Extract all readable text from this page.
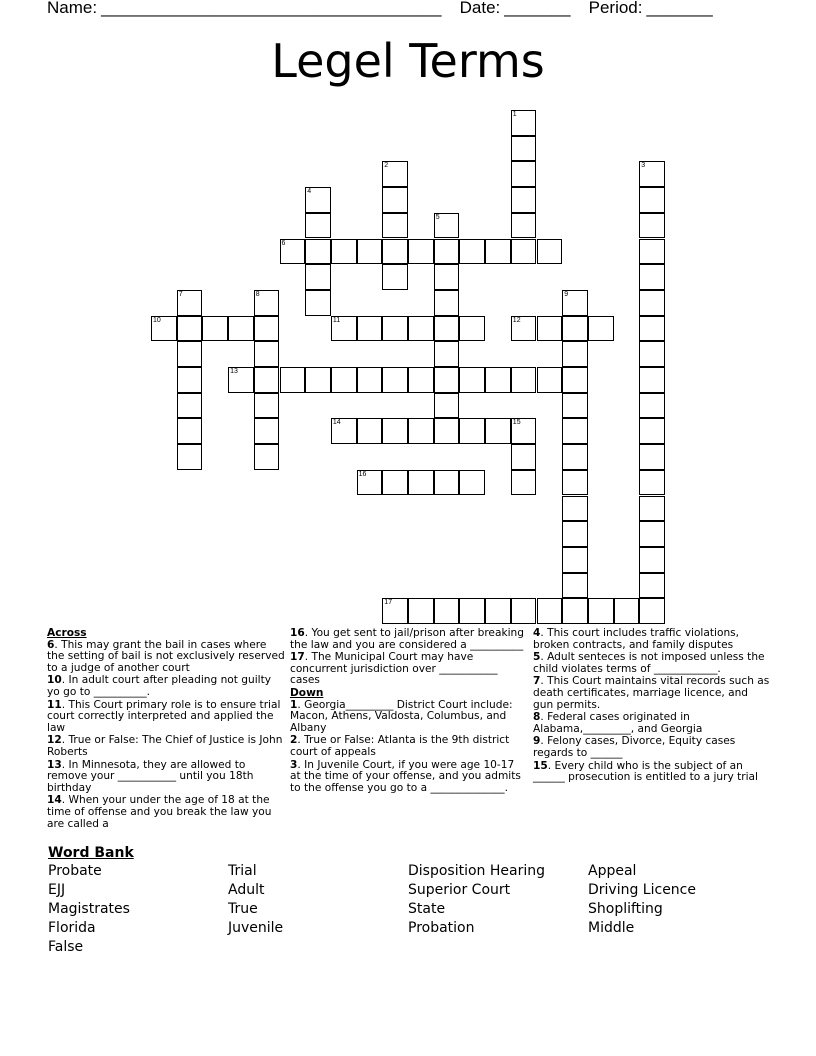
Name: ____________________________________ Date: _______ Period: _______
Legel Terms
1
2	3
4
5
6
7	8	9
10	11	12
13
14	15
16
17
Across
6. This may grant the bail in cases where the setting of bail is not exclusively reserved to a judge of another court
10. In adult court after pleading not guilty yo go to __________.
11. This Court primary role is to ensure trial court correctly interpreted and applied the law
12. True or False: The Chief of Justice is John Roberts
13. In Minnesota, they are allowed to remove your ___________ until you 18th birthday
14. When your under the age of 18 at the time of offense and you break the law you are called a
16. You get sent to jail/prison after breaking the law and you are considered a __________
17. The Municipal Court may have concurrent jurisdiction over ___________ cases
Down
1. Georgia_________ District Court include: Macon, Athens, Valdosta, Columbus, and Albany
2. True or False: Atlanta is the 9th district court of appeals
3. In Juvenile Court, if you were age 10-17 at the time of your offense, and you admits to the offense you go to a ______________.
4. This court includes traffic violations, broken contracts, and family disputes
5. Adult senteces is not imposed unless the child violates terms of ____________.
7. This Court maintains vital records such as death certificates, marriage licence, and gun permits.
8. Federal cases originated in Alabama,_________, and Georgia
9. Felony cases, Divorce, Equity cases regards to ______
15. Every child who is the subject of an ______ prosecution is entitled to a jury trial
Word Bank
Probate	Trial	Disposition Hearing	Appeal
EJJ	Adult	Superior Court	Driving Licence
Magistrates	True	State	Shoplifting
Florida	Juvenile	Probation	Middle
False
